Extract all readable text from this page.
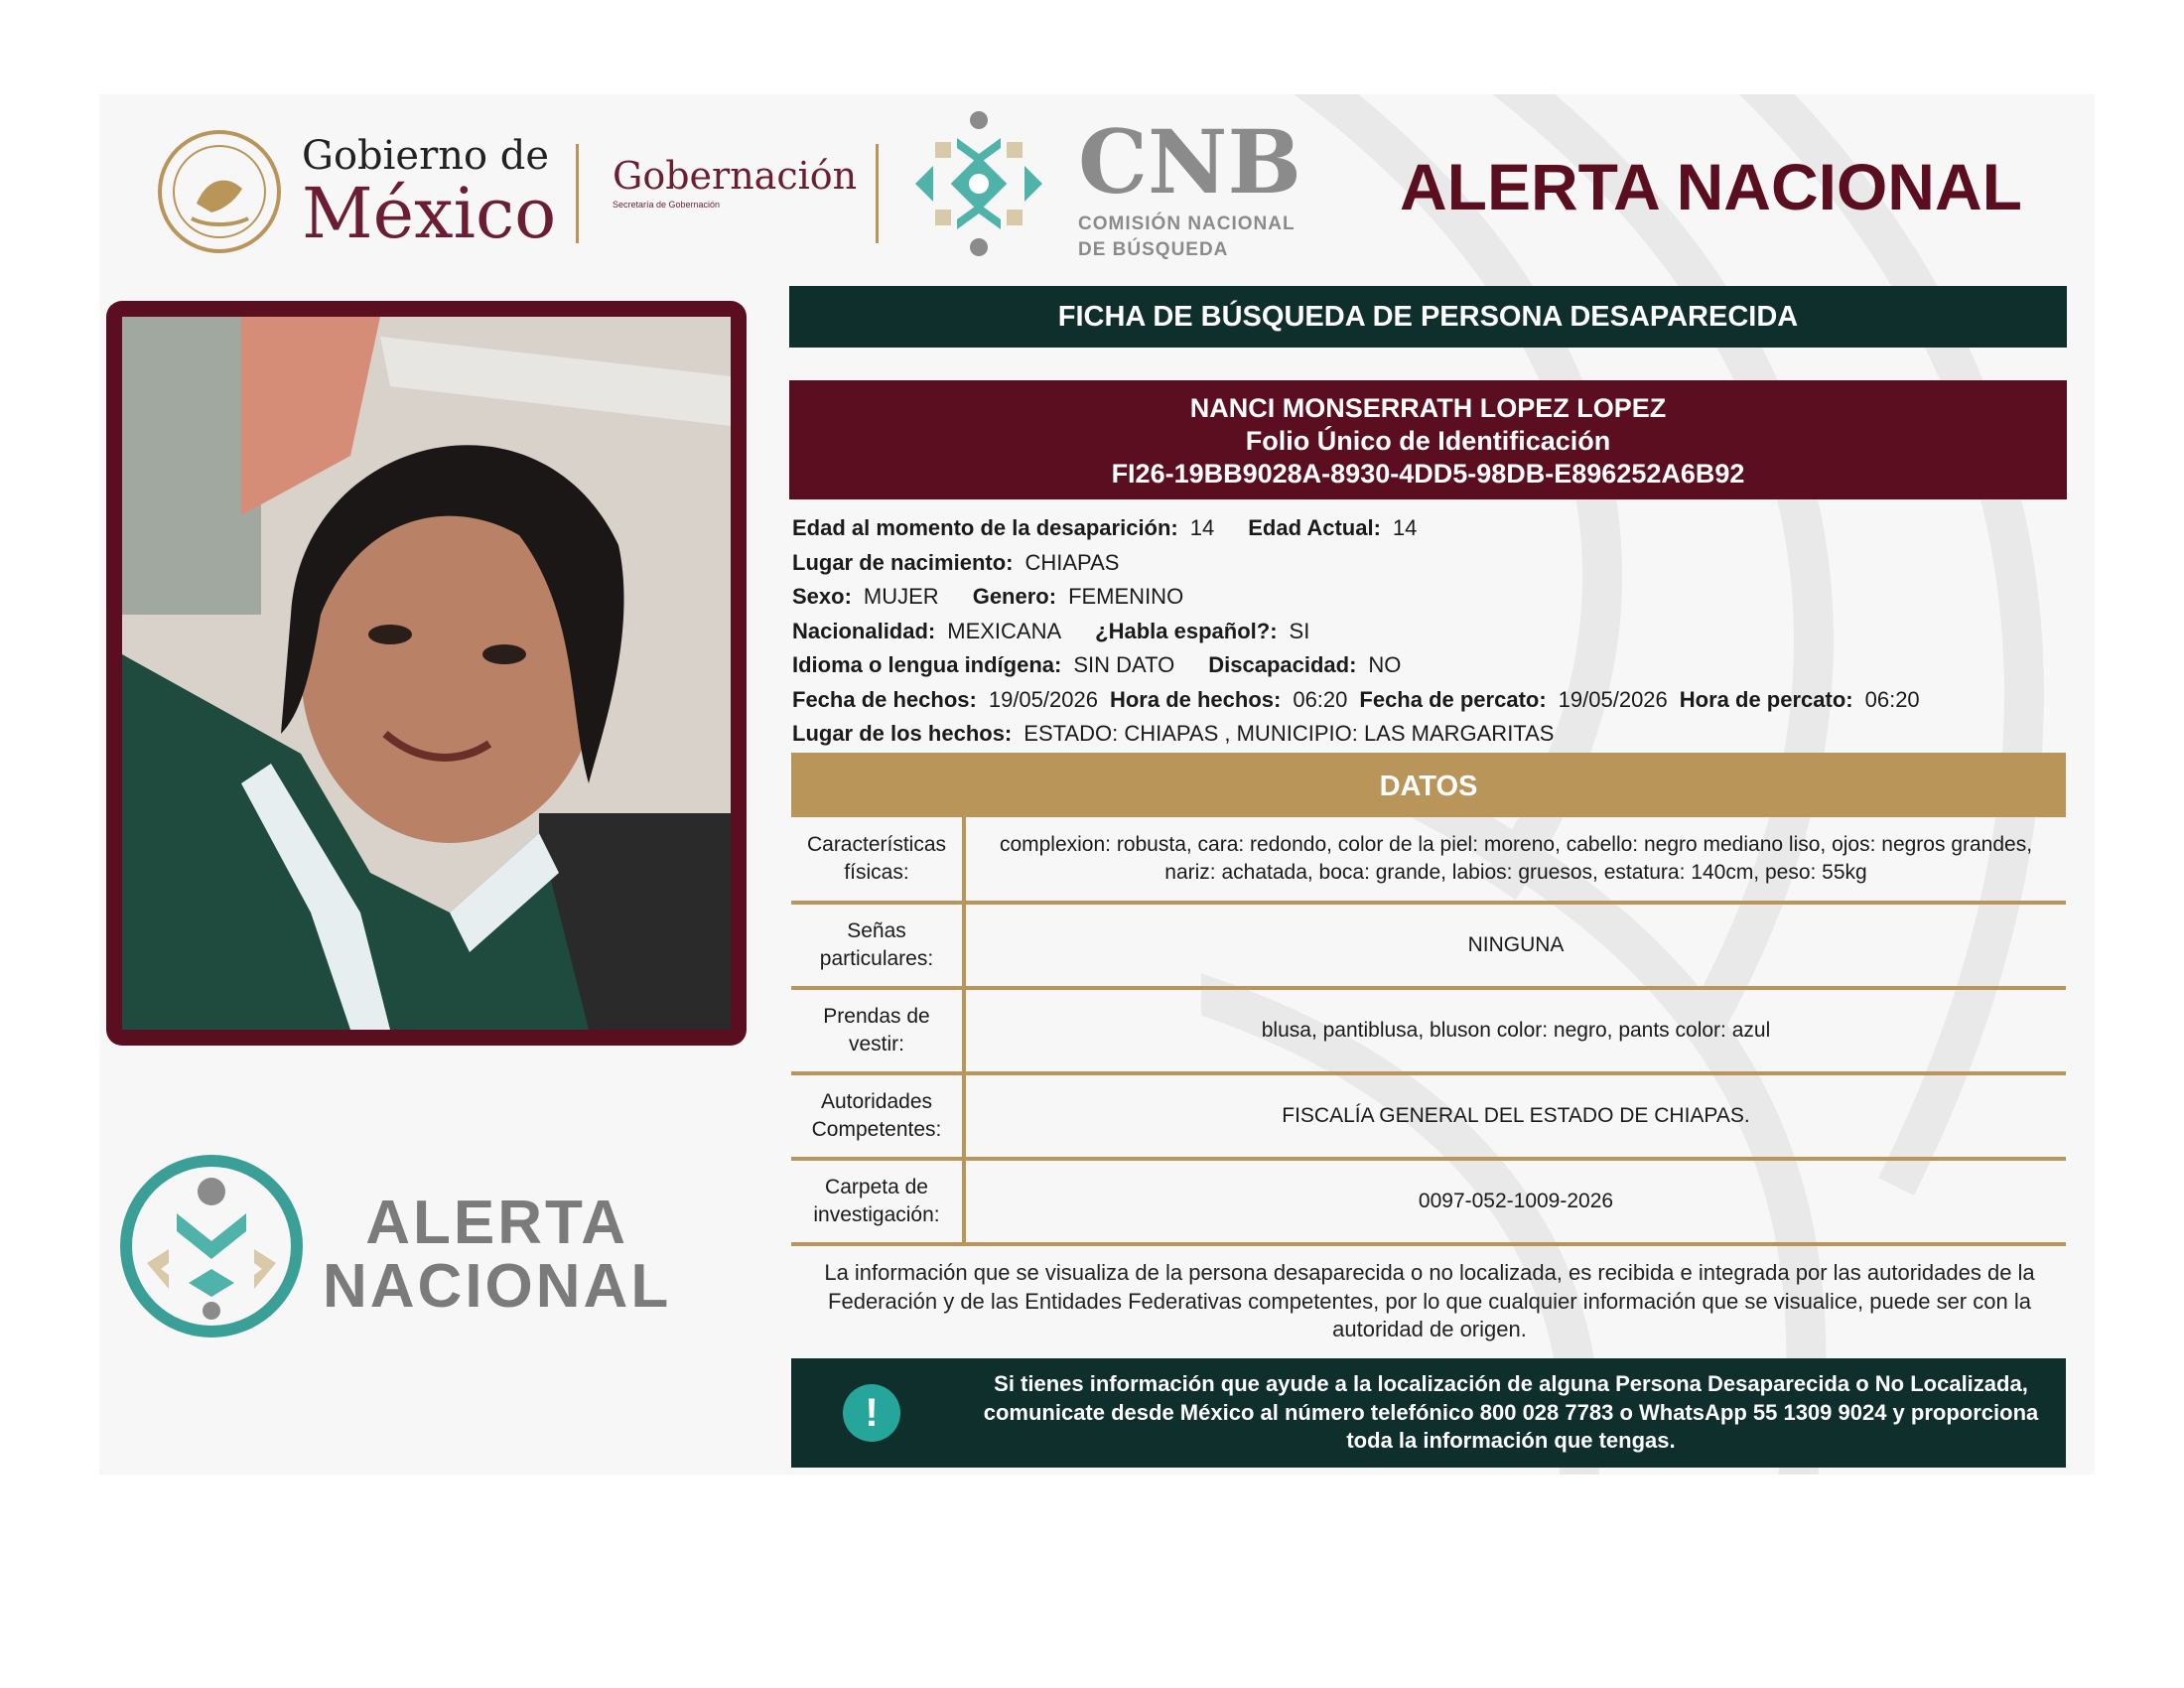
Gobierno de
México Gobernación
Secretaría de Gobernación	CNB
COMISIÓN NACIONAL
DE BÚSQUEDA
ALERTA NACIONAL
ALERTA
NACIONAL
FICHA DE BÚSQUEDA DE PERSONA DESAPARECIDA
NANCI MONSERRATH LOPEZ LOPEZ
Folio Único de Identificación
FI26-19BB9028A-8930-4DD5-98DB-E896252A6B92
Edad al momento de la desaparición: 14 Edad Actual: 14
Lugar de nacimiento: CHIAPAS
Sexo: MUJER Genero: FEMENINO
Nacionalidad: MEXICANA ¿Habla español?: SI
Idioma o lengua indígena: SIN DATO Discapacidad: NO
Fecha de hechos: 19/05/2026 Hora de hechos: 06:20 Fecha de percato: 19/05/2026 Hora de percato: 06:20
Lugar de los hechos: ESTADO: CHIAPAS , MUNICIPIO: LAS MARGARITAS
DATOS
Características físicas:	complexion: robusta, cara: redondo, color de la piel: moreno, cabello: negro mediano liso, ojos: negros grandes, nariz: achatada, boca: grande, labios: gruesos, estatura: 140cm, peso: 55kg
Señas particulares:	NINGUNA
Prendas de vestir:	blusa, pantiblusa, bluson color: negro, pants color: azul
Autoridades Competentes:	FISCALÍA GENERAL DEL ESTADO DE CHIAPAS.
Carpeta de investigación:	0097-052-1009-2026
La información que se visualiza de la persona desaparecida o no localizada, es recibida e integrada por las autoridades de la Federación y de las Entidades Federativas competentes, por lo que cualquier información que se visualice, puede ser con la autoridad de origen.
!
Si tienes información que ayude a la localización de alguna Persona Desaparecida o No Localizada, comunicate desde México al número telefónico 800 028 7783 o WhatsApp 55 1309 9024 y proporciona toda la información que tengas.
